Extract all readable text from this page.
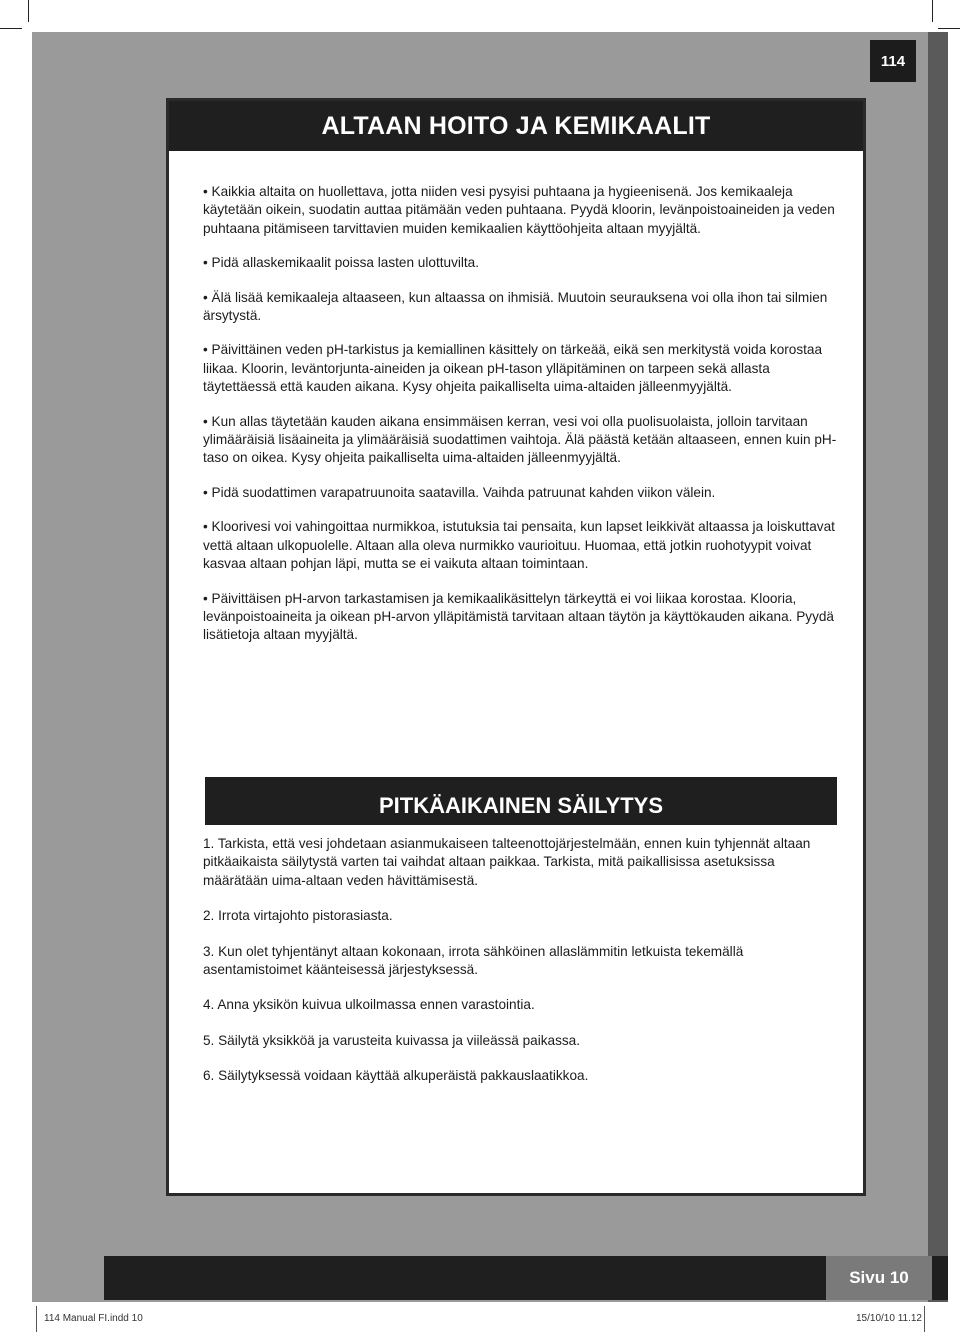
114
ALTAAN HOITO JA KEMIKAALIT

• Kaikkia altaita on huollettava, jotta niiden vesi pysyisi puhtaana ja hygieenisenä. Jos kemikaaleja käytetään oikein, suodatin auttaa pitämään veden puhtaana. Pyydä kloorin, levänpoistoaineiden ja veden puhtaana pitämiseen tarvittavien muiden kemikaalien käyttöohjeita altaan myyjältä.

• Pidä allaskemikaalit poissa lasten ulottuvilta.

• Älä lisää kemikaaleja altaaseen, kun altaassa on ihmisiä. Muutoin seurauksena voi olla ihon tai silmien ärsytystä.

• Päivittäinen veden pH-tarkistus ja kemiallinen käsittely on tärkeää, eikä sen merkitystä voida korostaa liikaa. Kloorin, leväntorjunta-aineiden ja oikean pH-tason ylläpitäminen on tarpeen sekä allasta täytettäessä että kauden aikana. Kysy ohjeita paikalliselta uima-altaiden jälleenmyyjältä.

• Kun allas täytetään kauden aikana ensimmäisen kerran, vesi voi olla puolisuolaista, jolloin tarvitaan ylimääräisiä lisäaineita ja ylimääräisiä suodattimen vaihtoja. Älä päästä ketään altaaseen, ennen kuin pH-taso on oikea. Kysy ohjeita paikalliselta uima-altaiden jälleenmyyjältä.

• Pidä suodattimen varapatruunoita saatavilla. Vaihda patruunat kahden viikon välein.

• Kloorivesi voi vahingoittaa nurmikkoa, istutuksia tai pensaita, kun lapset leikkivät altaassa ja loiskuttavat vettä altaan ulkopuolelle. Altaan alla oleva nurmikko vaurioituu. Huomaa, että jotkin ruohotyypit voivat kasvaa altaan pohjan läpi, mutta se ei vaikuta altaan toimintaan.

• Päivittäisen pH-arvon tarkastamisen ja kemikaalikäsittelyn tärkeyttä ei voi liikaa korostaa. Klooria, levänpoistoaineita ja oikean pH-arvon ylläpitämistä tarvitaan altaan täytön ja käyttökauden aikana. Pyydä lisätietoja altaan myyjältä.

PITKÄAIKAINEN SÄILYTYS

1. Tarkista, että vesi johdetaan asianmukaiseen talteenottojärjestelmään, ennen kuin tyhjennät altaan pitkäaikaista säilytystä varten tai vaihdat altaan paikkaa. Tarkista, mitä paikallisissa asetuksissa määrätään uima-altaan veden hävittämisestä.

2. Irrota virtajohto pistorasiasta.

3. Kun olet tyhjentänyt altaan kokonaan, irrota sähköinen allaslämmitin letkuista tekemällä asentamistoimet käänteisessä järjestyksessä.

4. Anna yksikön kuivua ulkoilmassa ennen varastointia.

5. Säilytä yksikköä ja varusteita kuivassa ja viileässä paikassa.

6. Säilytyksessä voidaan käyttää alkuperäistä pakkauslaatikkoa.

Sivu 10
114 Manual FI.indd 10	15/10/10 11.12
